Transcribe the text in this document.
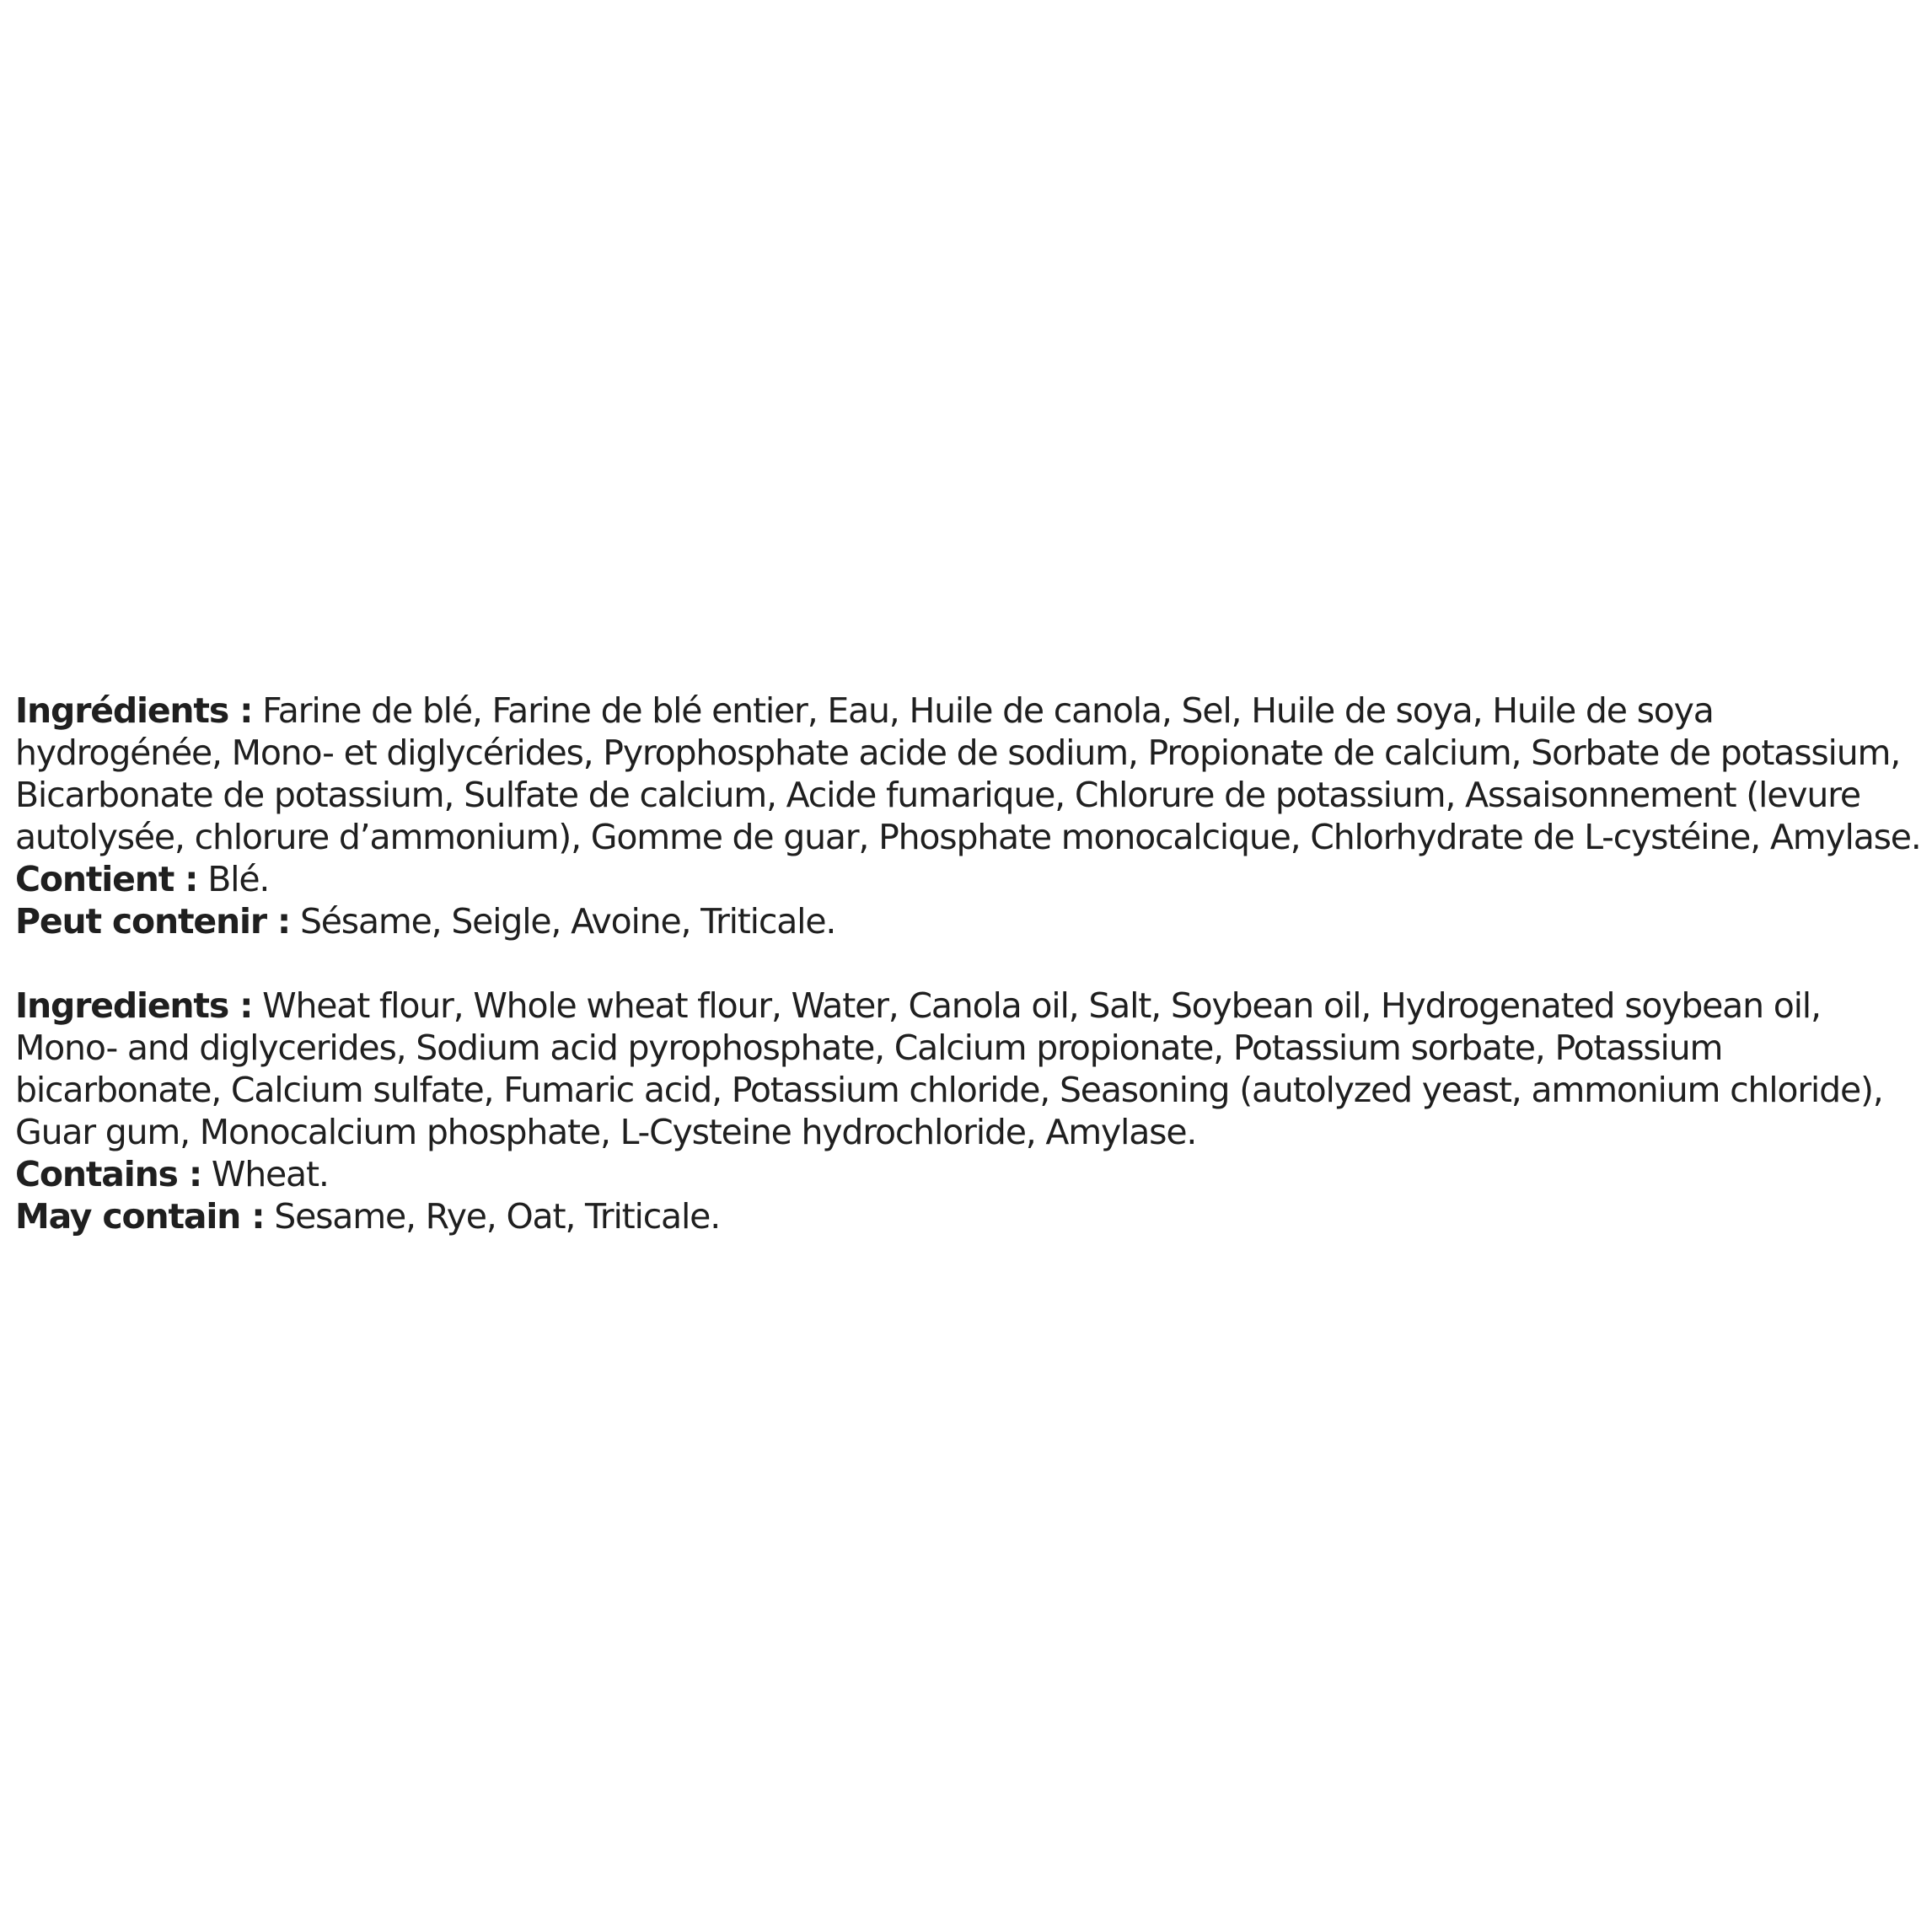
Ingrédients : Farine de blé, Farine de blé entier, Eau, Huile de canola, Sel, Huile de soya, Huile de soya hydrogénée, Mono- et diglycérides, Pyrophosphate acide de sodium, Propionate de calcium, Sorbate de potassium, Bicarbonate de potassium, Sulfate de calcium, Acide fumarique, Chlorure de potassium, Assaisonnement (levure autolysée, chlorure d’ammonium), Gomme de guar, Phosphate monocalcique, Chlorhydrate de L-cystéine, Amylase.

Contient : Blé.

Peut contenir : Sésame, Seigle, Avoine, Triticale.

Ingredients : Wheat flour, Whole wheat flour, Water, Canola oil, Salt, Soybean oil, Hydrogenated soybean oil, Mono- and diglycerides, Sodium acid pyrophosphate, Calcium propionate, Potassium sorbate, Potassium bicarbonate, Calcium sulfate, Fumaric acid, Potassium chloride, Seasoning (autolyzed yeast, ammonium chloride), Guar gum, Monocalcium phosphate, L-Cysteine hydrochloride, Amylase.

Contains : Wheat.

May contain : Sesame, Rye, Oat, Triticale.
